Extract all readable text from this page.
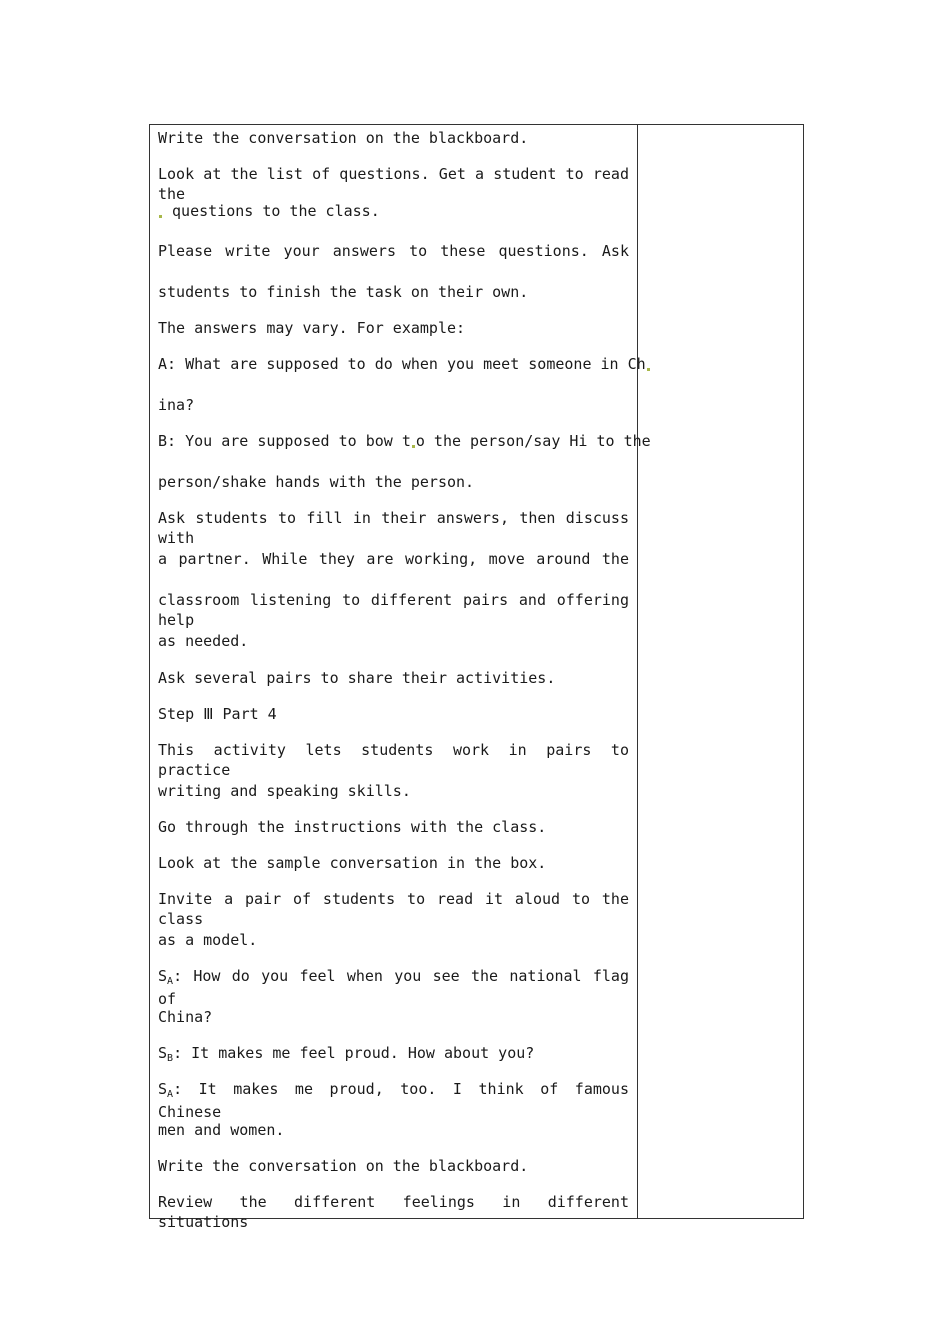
Write the conversation on the blackboard.
Look at the list of questions. Get a student to read the
questions to the class.
Please write your answers to these questions. Ask
students to finish the task on their own.
The answers may vary. For example:
A: What are supposed to do when you meet someone in Ch
ina?
B: You are supposed to bow t o the person/say Hi to the
person/shake hands with the person.
Ask students to fill in their answers, then discuss with
a partner. While they are working, move around the
classroom listening to different pairs and offering help
as needed.
Ask several pairs to share their activities.
Step Ⅲ Part 4
This activity lets students work in pairs to practice
writing and speaking skills.
Go through the instructions with the class.
Look at the sample conversation in the box.
Invite a pair of students to read it aloud to the class
as a model.
$S_A$: How do you feel when you see the national flag of
China?
$S_B$: It makes me feel proud. How about you?
$S_A$: It makes me proud, too. I think of famous Chinese
men and women.
Write the conversation on the blackboard.
Review the different feelings in different situations
